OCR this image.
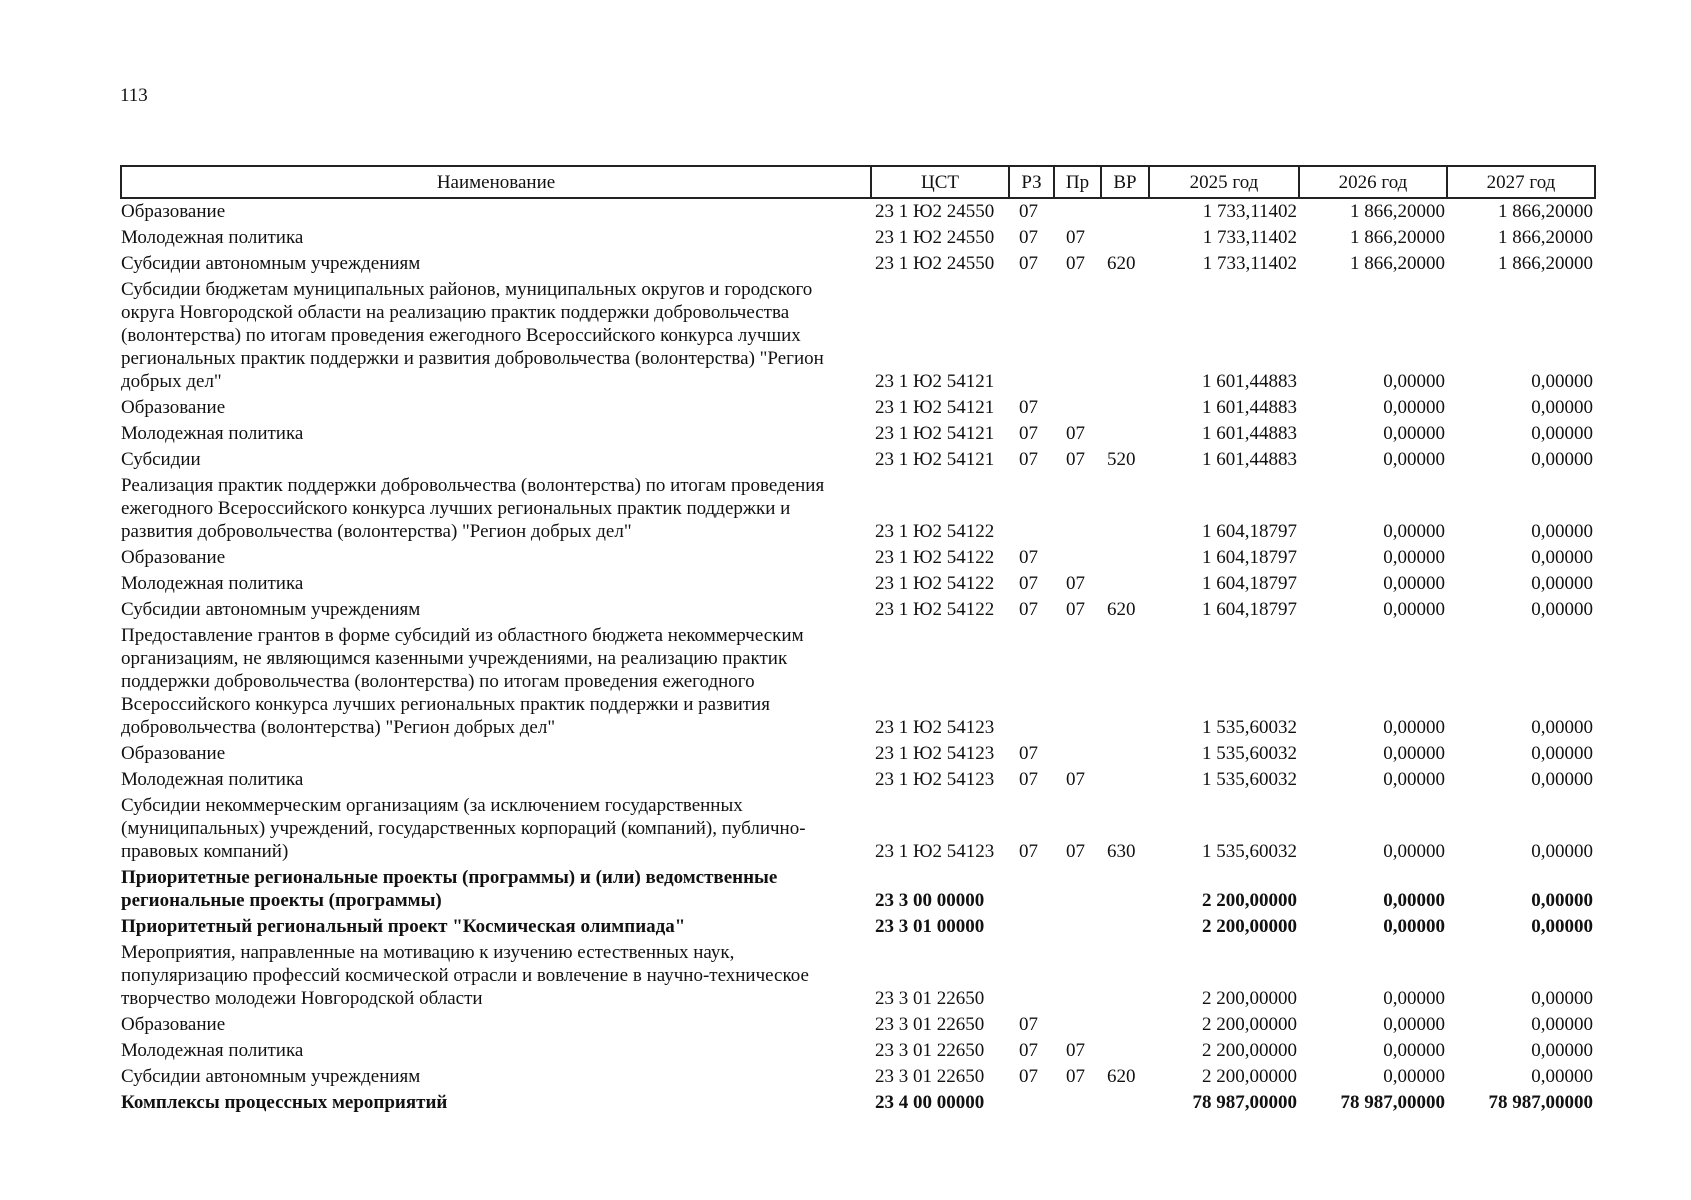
113
Наименование	ЦСТ	РЗ	Пр	ВР	2025 год	2026 год	2027 год
Образование	23 1 Ю2 24550	07			1 733,11402	1 866,20000	1 866,20000
Молодежная политика	23 1 Ю2 24550	07	07		1 733,11402	1 866,20000	1 866,20000
Субсидии автономным учреждениям	23 1 Ю2 24550	07	07	620	1 733,11402	1 866,20000	1 866,20000
Субсидии бюджетам муниципальных районов, муниципальных округов и городского округа Новгородской области на реализацию практик поддержки добровольчества (волонтерства) по итогам проведения ежегодного Всероссийского конкурса лучших региональных практик поддержки и развития добровольчества (волонтерства) "Регион добрых дел"	23 1 Ю2 54121				1 601,44883	0,00000	0,00000
Образование	23 1 Ю2 54121	07			1 601,44883	0,00000	0,00000
Молодежная политика	23 1 Ю2 54121	07	07		1 601,44883	0,00000	0,00000
Субсидии	23 1 Ю2 54121	07	07	520	1 601,44883	0,00000	0,00000
Реализация практик поддержки добровольчества (волонтерства) по итогам проведения ежегодного Всероссийского конкурса лучших региональных практик поддержки и развития добровольчества (волонтерства) "Регион добрых дел"	23 1 Ю2 54122				1 604,18797	0,00000	0,00000
Образование	23 1 Ю2 54122	07			1 604,18797	0,00000	0,00000
Молодежная политика	23 1 Ю2 54122	07	07		1 604,18797	0,00000	0,00000
Субсидии автономным учреждениям	23 1 Ю2 54122	07	07	620	1 604,18797	0,00000	0,00000
Предоставление грантов в форме субсидий из областного бюджета некоммерческим организациям, не являющимся казенными учреждениями, на реализацию практик поддержки добровольчества (волонтерства) по итогам проведения ежегодного Всероссийского конкурса лучших региональных практик поддержки и развития добровольчества (волонтерства) "Регион добрых дел"	23 1 Ю2 54123				1 535,60032	0,00000	0,00000
Образование	23 1 Ю2 54123	07			1 535,60032	0,00000	0,00000
Молодежная политика	23 1 Ю2 54123	07	07		1 535,60032	0,00000	0,00000
Субсидии некоммерческим организациям (за исключением государственных (муниципальных) учреждений, государственных корпораций (компаний), публично-правовых компаний)	23 1 Ю2 54123	07	07	630	1 535,60032	0,00000	0,00000
Приоритетные региональные проекты (программы) и (или) ведомственные региональные проекты (программы)	23 3 00 00000				2 200,00000	0,00000	0,00000
Приоритетный региональный проект "Космическая олимпиада"	23 3 01 00000				2 200,00000	0,00000	0,00000
Мероприятия, направленные на мотивацию к изучению естественных наук, популяризацию профессий космической отрасли и вовлечение в научно-техническое творчество молодежи Новгородской области	23 3 01 22650				2 200,00000	0,00000	0,00000
Образование	23 3 01 22650	07			2 200,00000	0,00000	0,00000
Молодежная политика	23 3 01 22650	07	07		2 200,00000	0,00000	0,00000
Субсидии автономным учреждениям	23 3 01 22650	07	07	620	2 200,00000	0,00000	0,00000
Комплексы процессных мероприятий	23 4 00 00000				78 987,00000	78 987,00000	78 987,00000
